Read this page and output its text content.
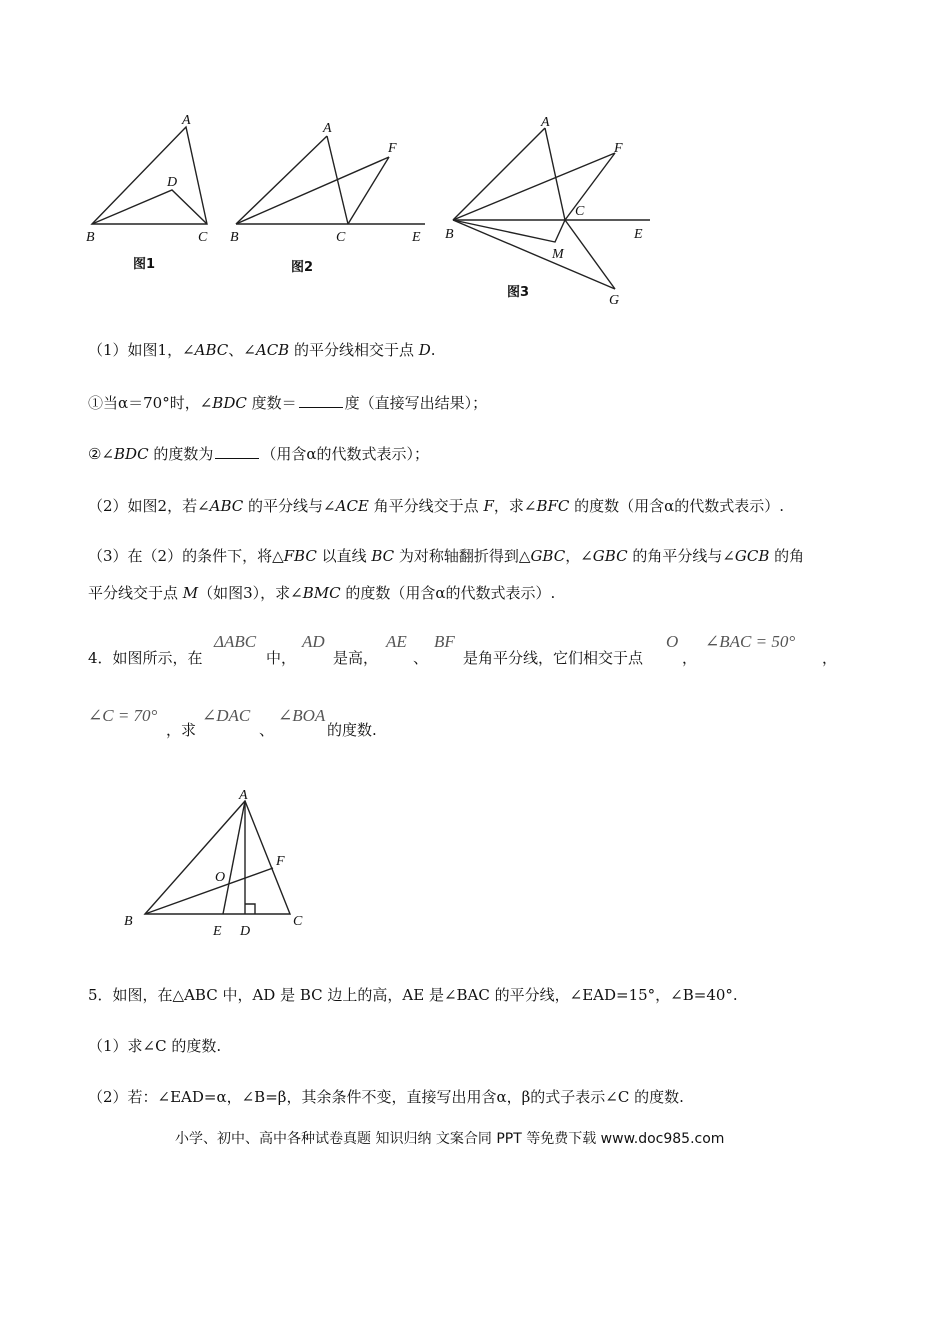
A
B	C
D
图1
A
B	C	E
F
图2
A
B
C
E
F
M
G
图3
（1）如图1，∠ABC、∠ACB 的平分线相交于点 D.
①当α＝70°时，∠BDC 度数＝	度（直接写出结果）；
②∠BDC 的度数为	（用含α的代数式表示）；
（2）如图2，若∠ABC 的平分线与∠ACE 角平分线交于点 F，求∠BFC 的度数（用含α的代数式表示）.
（3）在（2）的条件下，将△FBC 以直线 BC 为对称轴翻折得到△GBC，∠GBC 的角平分线与∠GCB 的角
平分线交于点 M（如图3），求∠BMC 的度数（用含α的代数式表示）.
4．如图所示，在
ΔABC
中，
AD
是高，
AE
、
BF
是角平分线，它们相交于点
O
，
∠BAC = 50°
，
∠C = 70°
，求
∠DAC
、
∠BOA
的度数.
A
B	C
D
E
F
O
5．如图，在△ABC 中，AD 是 BC 边上的高，AE 是∠BAC 的平分线，∠EAD=15°，∠B=40°.
（1）求∠C 的度数.
（2）若：∠EAD=α，∠B=β，其余条件不变，直接写出用含α，β的式子表示∠C 的度数.
小学、初中、高中各种试卷真题 知识归纳 文案合同 PPT 等免费下载 www.doc985.com
